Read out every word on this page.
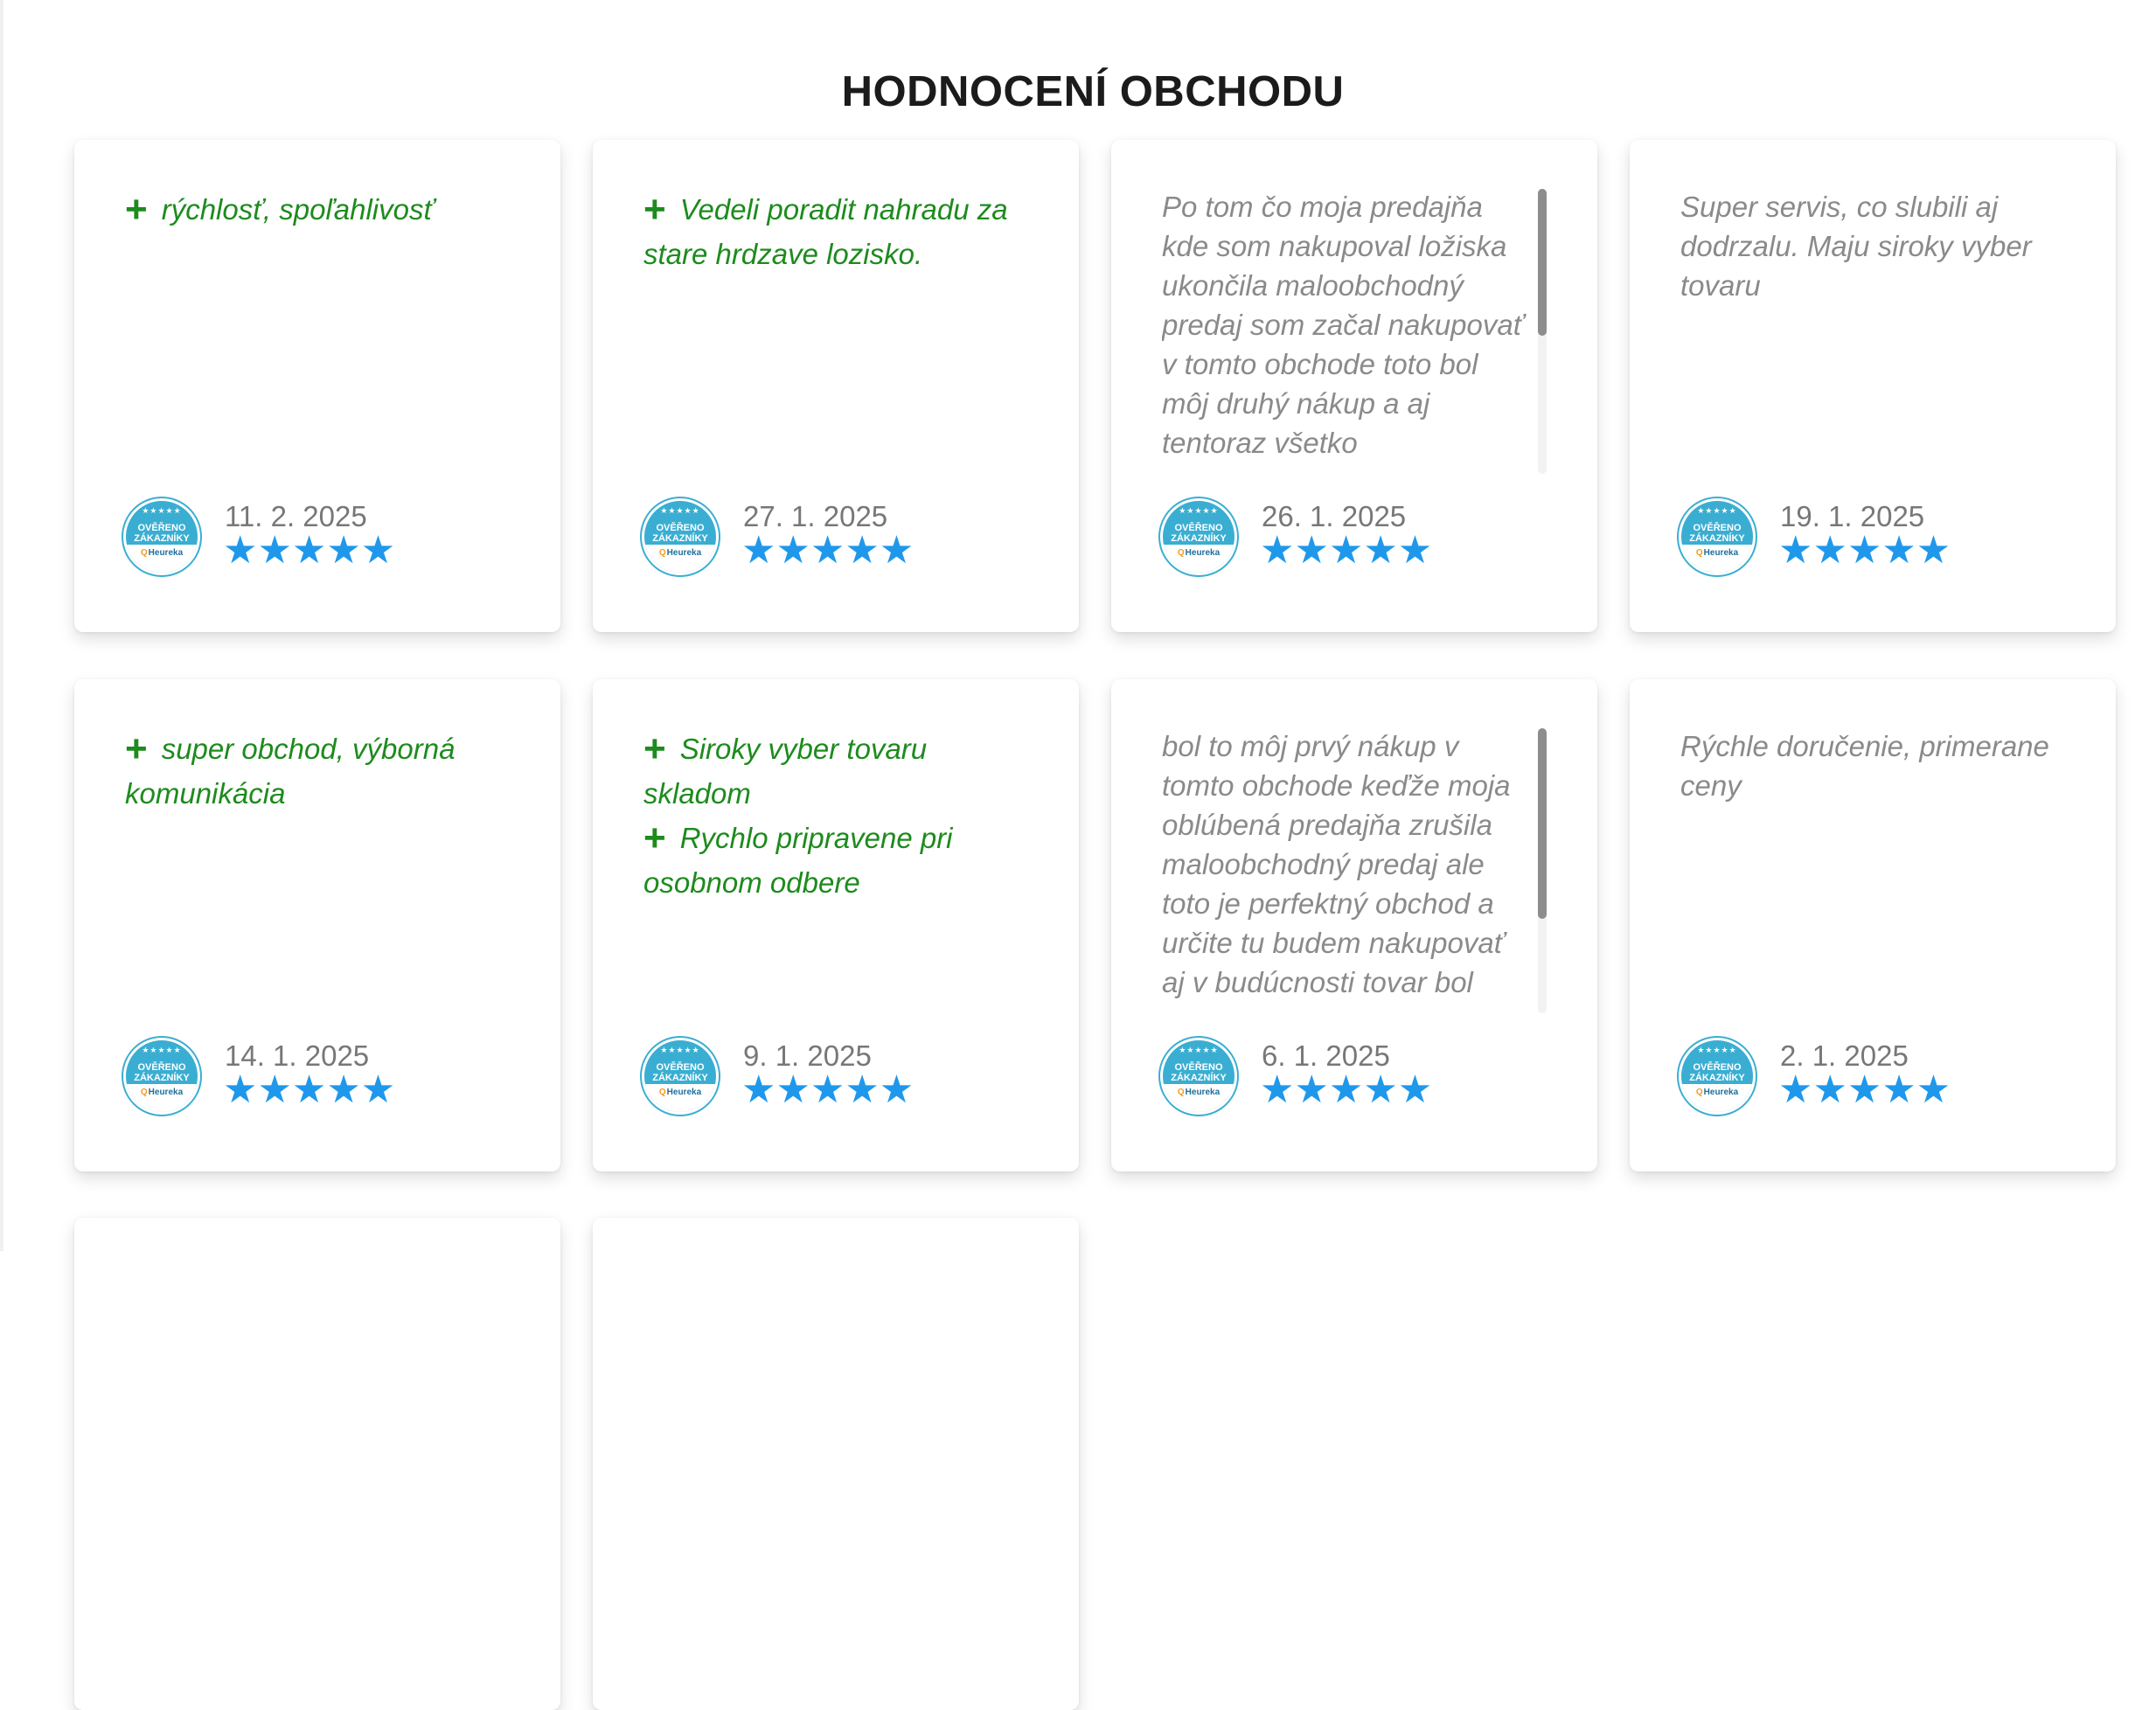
HODNOCENÍ OBCHODU

+ rýchlosť, spoľahlivosť

★★★★★
OVĚŘENO
ZÁKAZNÍKY
QHeureka
11. 2. 2025
★★★★★

+ Vedeli poradit nahradu za stare hrdzave lozisko.

★★★★★
OVĚŘENO
ZÁKAZNÍKY
QHeureka
27. 1. 2025
★★★★★

Po tom čo moja predajňa kde som nakupoval ložiska ukončila maloobchodný predaj som začal nakupovať v tomto obchode toto bol môj druhý nákup a aj tentoraz všetko

★★★★★
OVĚŘENO
ZÁKAZNÍKY
QHeureka
26. 1. 2025
★★★★★

Super servis, co slubili aj dodrzalu. Maju siroky vyber tovaru

★★★★★
OVĚŘENO
ZÁKAZNÍKY
QHeureka
19. 1. 2025
★★★★★

+ super obchod, výborná komunikácia

★★★★★
OVĚŘENO
ZÁKAZNÍKY
QHeureka
14. 1. 2025
★★★★★

+ Siroky vyber tovaru skladom

+ Rychlo pripravene pri osobnom odbere

★★★★★
OVĚŘENO
ZÁKAZNÍKY
QHeureka
9. 1. 2025
★★★★★

bol to môj prvý nákup v tomto obchode keďže moja oblúbená predajňa zrušila maloobchodný predaj ale toto je perfektný obchod a určite tu budem nakupovať aj v budúcnosti tovar bol

★★★★★
OVĚŘENO
ZÁKAZNÍKY
QHeureka
6. 1. 2025
★★★★★

Rýchle doručenie, primerane ceny

★★★★★
OVĚŘENO
ZÁKAZNÍKY
QHeureka
2. 1. 2025
★★★★★
